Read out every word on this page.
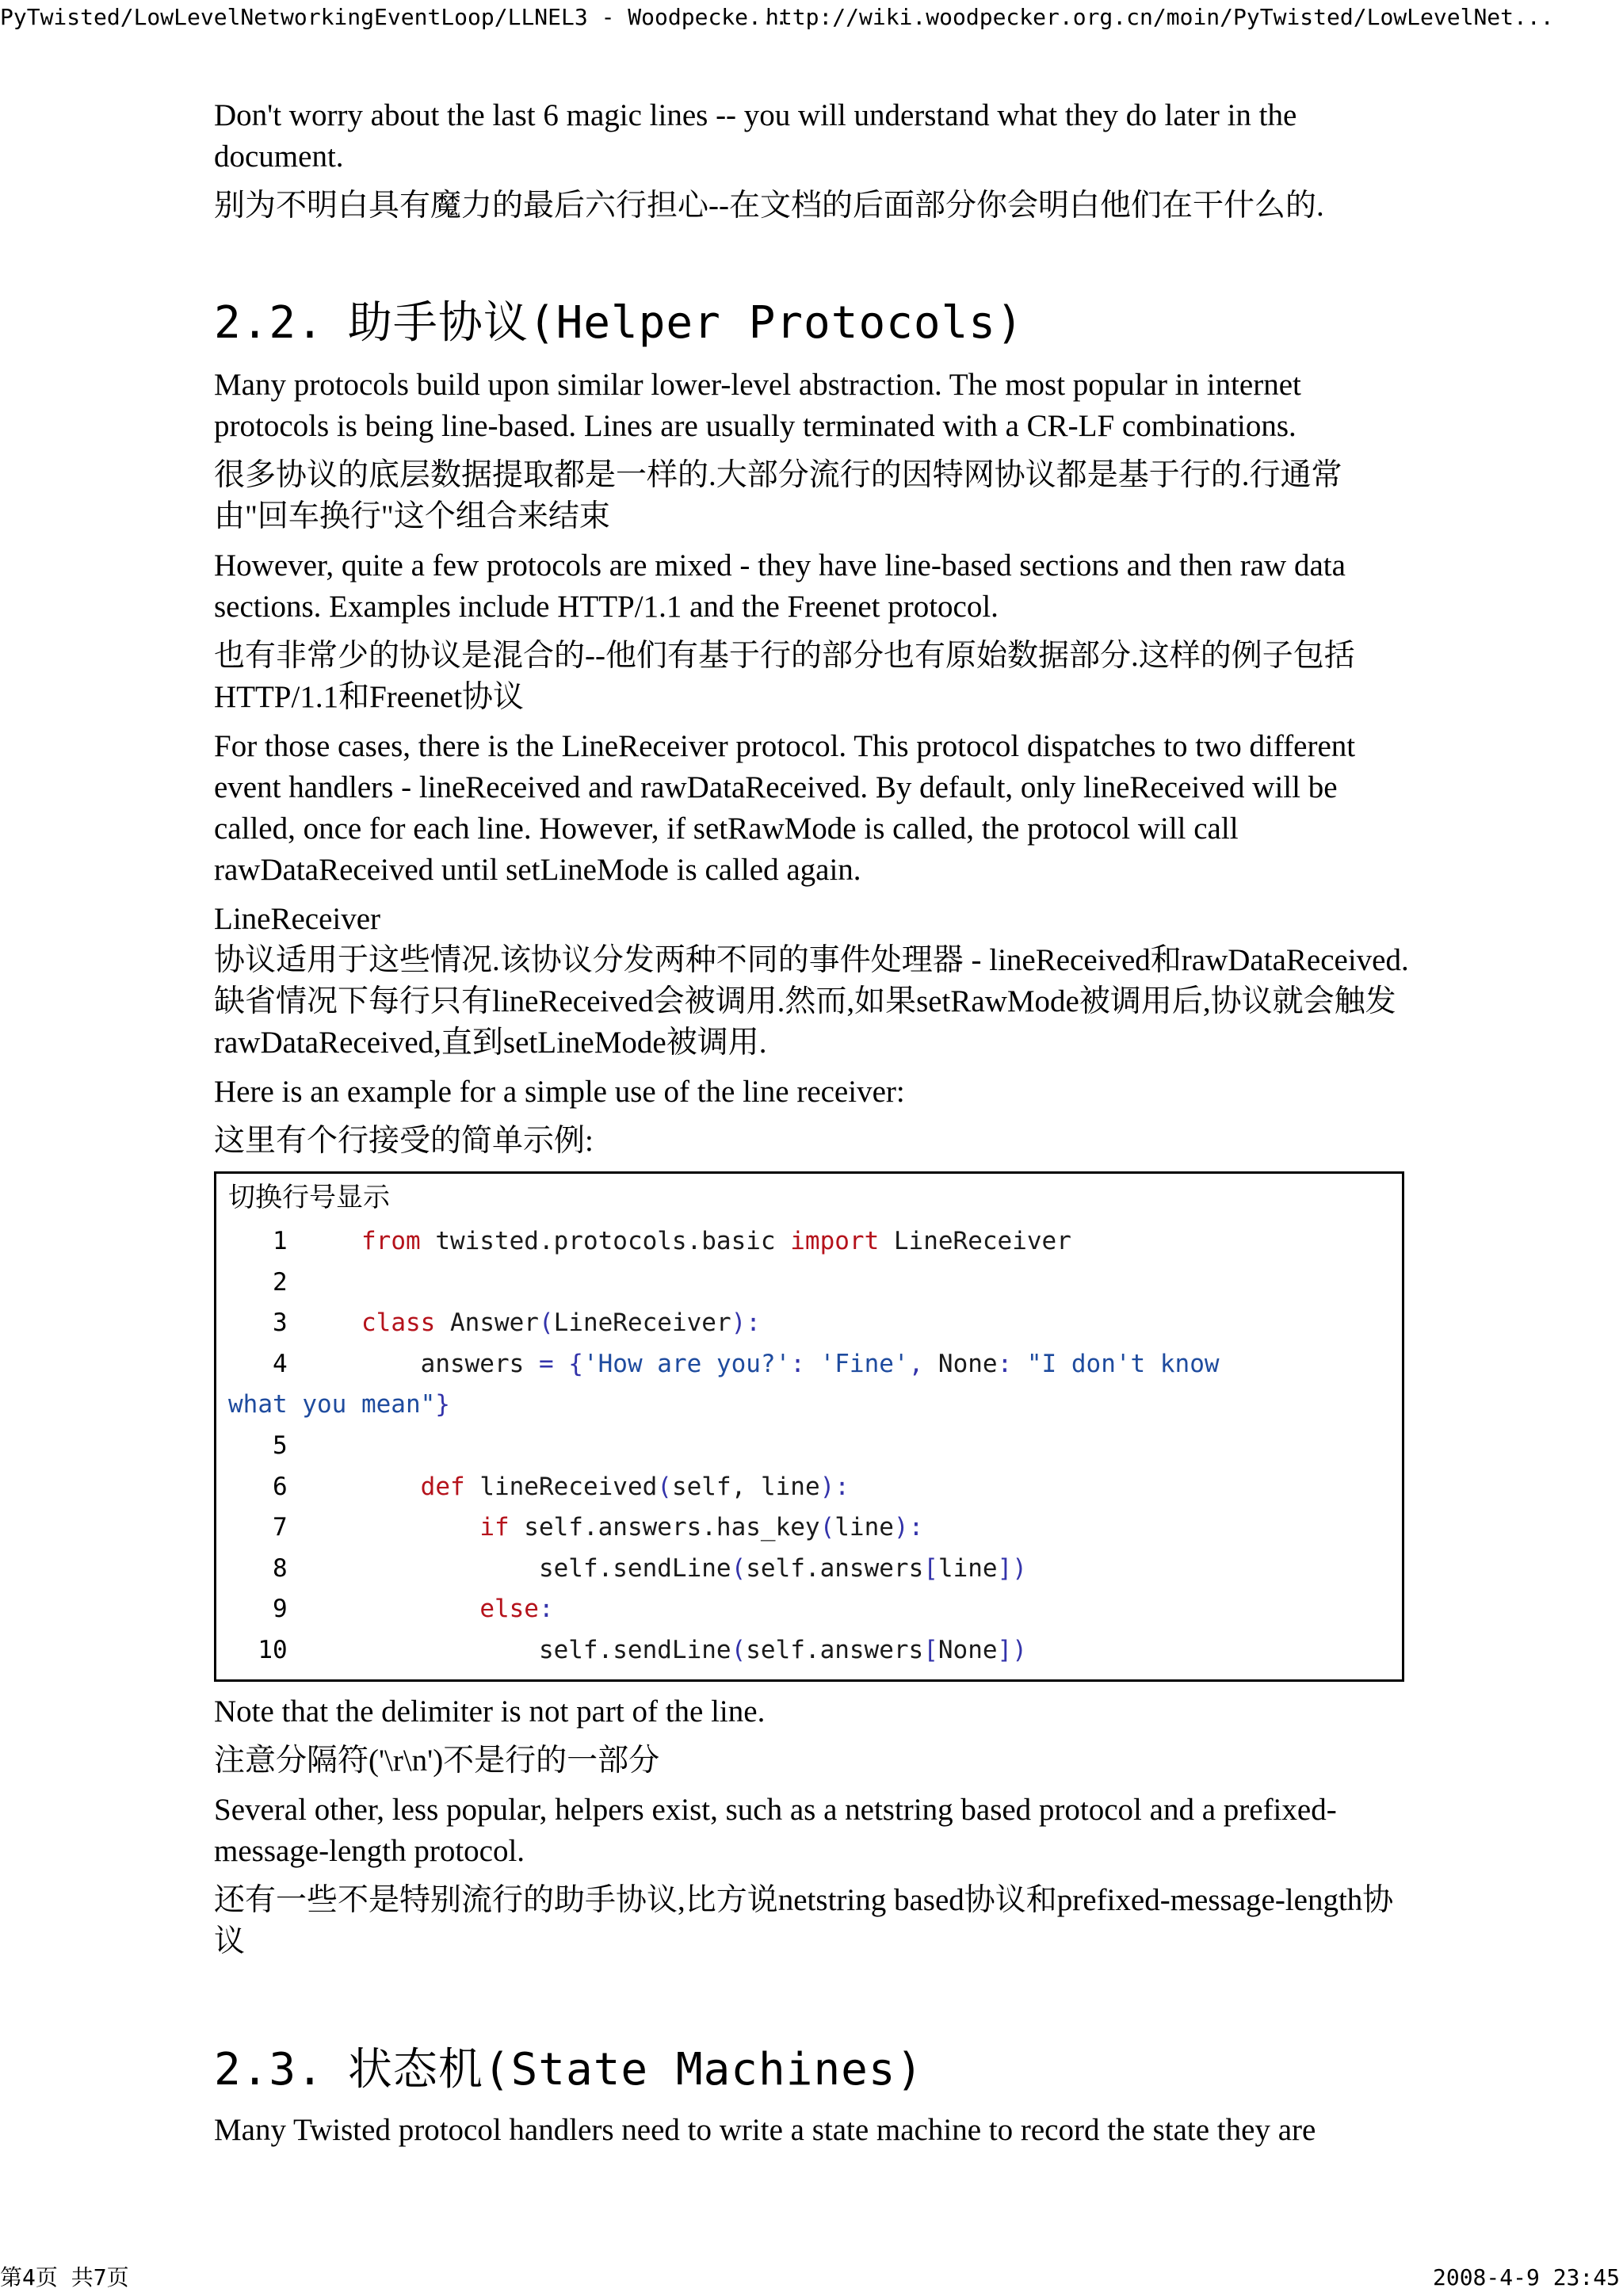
PyTwisted/LowLevelNetworkingEventLoop/LLNEL3 - Woodpecke...
http://wiki.woodpecker.org.cn/moin/PyTwisted/LowLevelNet...

Don't worry about the last 6 magic lines -- you will understand what they do later in the document.

别为不明白具有魔力的最后六行担心--在文档的后面部分你会明白他们在干什么的.

2.2. 助手协议(Helper Protocols)

Many protocols build upon similar lower-level abstraction. The most popular in internet protocols is being line-based. Lines are usually terminated with a CR-LF combinations.

很多协议的底层数据提取都是一样的.大部分流行的因特网协议都是基于行的.行通常由"回车换行"这个组合来结束

However, quite a few protocols are mixed - they have line-based sections and then raw data sections. Examples include HTTP/1.1 and the Freenet protocol.

也有非常少的协议是混合的--他们有基于行的部分也有原始数据部分.这样的例子包括HTTP/1.1和Freenet协议

For those cases, there is the LineReceiver protocol. This protocol dispatches to two different event handlers - lineReceived and rawDataReceived. By default, only lineReceived will be called, once for each line. However, if setRawMode is called, the protocol will call rawDataReceived until setLineMode is called again.

LineReceiver

协议适用于这些情况.该协议分发两种不同的事件处理器 - lineReceived和rawDataReceived.缺省情况下每行只有lineReceived会被调用.然而,如果setRawMode被调用后,协议就会触发rawDataReceived,直到setLineMode被调用.

Here is an example for a simple use of the line receiver:

这里有个行接受的简单示例:

切换行号显示
1	from twisted.protocols.basic import LineReceiver
2
3	class Answer(LineReceiver):
4	answers = {'How are you?': 'Fine', None: "I don't know
what you mean"}
5
6	def lineReceived(self, line):
7	if self.answers.has_key(line):
8	self.sendLine(self.answers[line])
9	else:
10	self.sendLine(self.answers[None])

Note that the delimiter is not part of the line.

注意分隔符('\r\n')不是行的一部分

Several other, less popular, helpers exist, such as a netstring based protocol and a prefixed-message-length protocol.

还有一些不是特别流行的助手协议,比方说netstring based协议和prefixed-message-length协议

2.3. 状态机(State Machines)

Many Twisted protocol handlers need to write a state machine to record the state they are

第4页 共7页	2008-4-9 23:45
